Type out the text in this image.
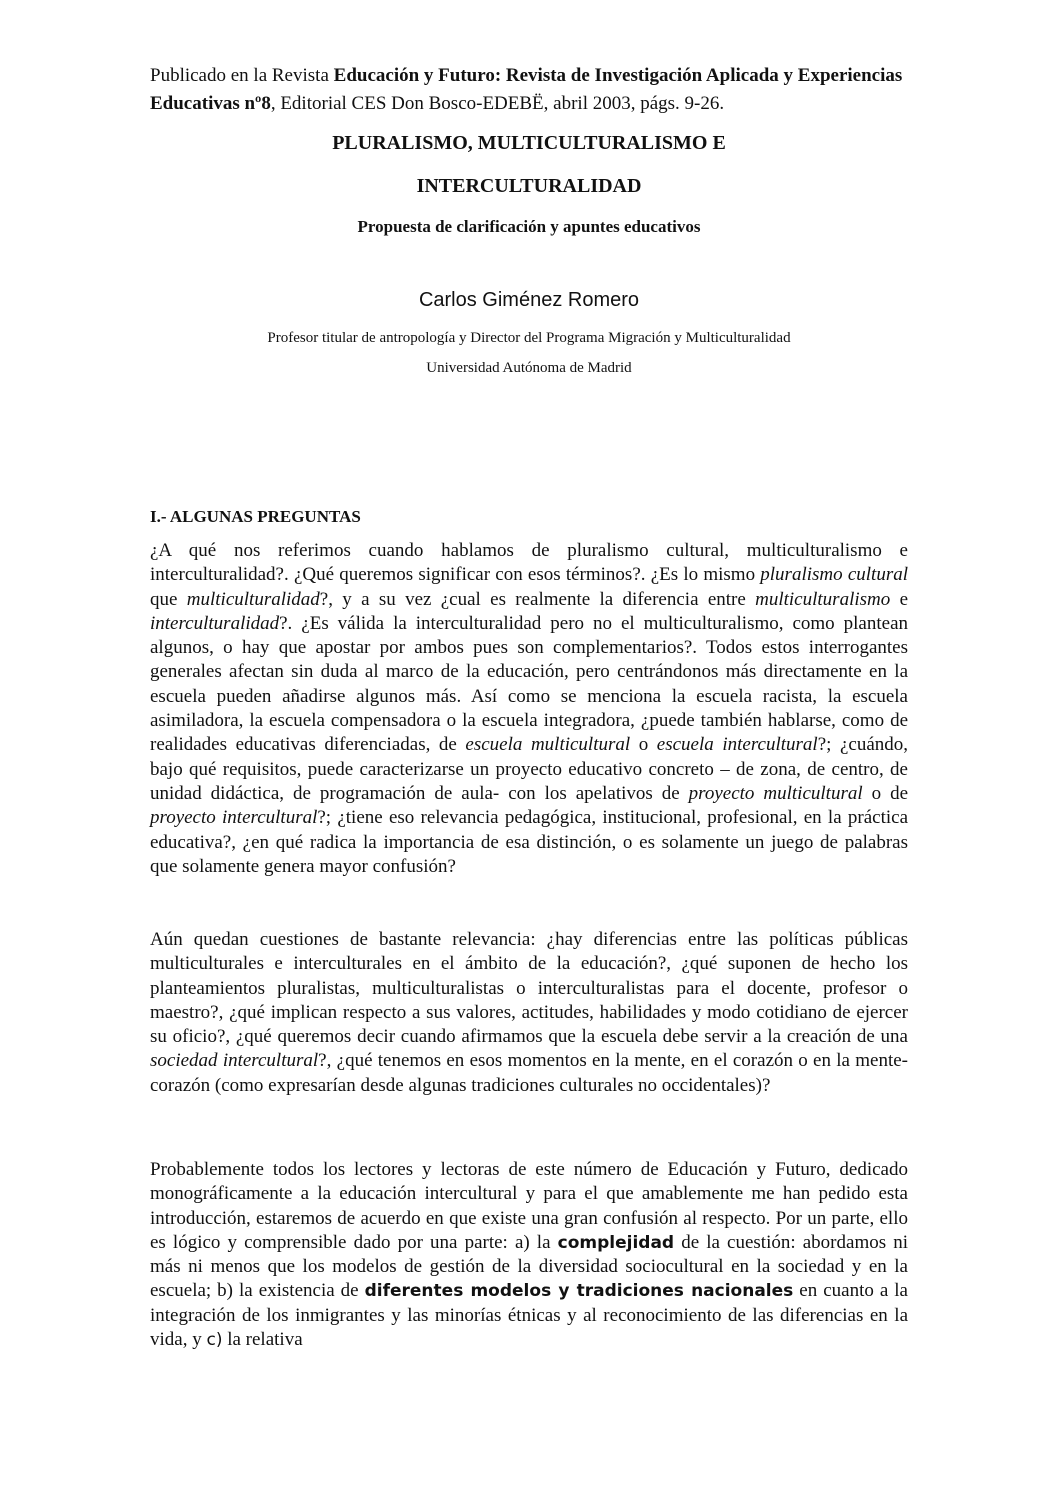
Publicado en la Revista Educación y Futuro: Revista de Investigación Aplicada y Experiencias Educativas nº8, Editorial CES Don Bosco-EDEBË, abril 2003, págs. 9-26.
PLURALISMO, MULTICULTURALISMO E
INTERCULTURALIDAD
Propuesta de clarificación y apuntes educativos
Carlos Giménez Romero
Profesor titular de antropología y Director del Programa Migración y Multiculturalidad
Universidad Autónoma de Madrid
I.- ALGUNAS PREGUNTAS
¿A qué nos referimos cuando hablamos de pluralismo cultural, multiculturalismo e interculturalidad?. ¿Qué queremos significar con esos términos?. ¿Es lo mismo pluralismo cultural que multiculturalidad?, y a su vez ¿cual es realmente la diferencia entre multiculturalismo e interculturalidad?. ¿Es válida la interculturalidad pero no el multiculturalismo, como plantean algunos, o hay que apostar por ambos pues son complementarios?. Todos estos interrogantes generales afectan sin duda al marco de la educación, pero centrándonos más directamente en la escuela pueden añadirse algunos más. Así como se menciona la escuela racista, la escuela asimiladora, la escuela compensadora o la escuela integradora, ¿puede también hablarse, como de realidades educativas diferenciadas, de escuela multicultural o escuela intercultural?; ¿cuándo, bajo qué requisitos, puede caracterizarse un proyecto educativo concreto – de zona, de centro, de unidad didáctica, de programación de aula- con los apelativos de proyecto multicultural o de proyecto intercultural?; ¿tiene eso relevancia pedagógica, institucional, profesional, en la práctica educativa?, ¿en qué radica la importancia de esa distinción, o es solamente un juego de palabras que solamente genera mayor confusión?
Aún quedan cuestiones de bastante relevancia: ¿hay diferencias entre las políticas públicas multiculturales e interculturales en el ámbito de la educación?, ¿qué suponen de hecho los planteamientos pluralistas, multiculturalistas o interculturalistas para el docente, profesor o maestro?, ¿qué implican respecto a sus valores, actitudes, habilidades y modo cotidiano de ejercer su oficio?, ¿qué queremos decir cuando afirmamos que la escuela debe servir a la creación de una sociedad intercultural?, ¿qué tenemos en esos momentos en la mente, en el corazón o en la mente-corazón (como expresarían desde algunas tradiciones culturales no occidentales)?
Probablemente todos los lectores y lectoras de este número de Educación y Futuro, dedicado monográficamente a la educación intercultural y para el que amablemente me han pedido esta introducción, estaremos de acuerdo en que existe una gran confusión al respecto. Por un parte, ello es lógico y comprensible dado por una parte: a) la complejidad de la cuestión: abordamos ni más ni menos que los modelos de gestión de la diversidad sociocultural en la sociedad y en la escuela; b) la existencia de diferentes modelos y tradiciones nacionales en cuanto a la integración de los inmigrantes y las minorías étnicas y al reconocimiento de las diferencias en la vida, y c) la relativa
